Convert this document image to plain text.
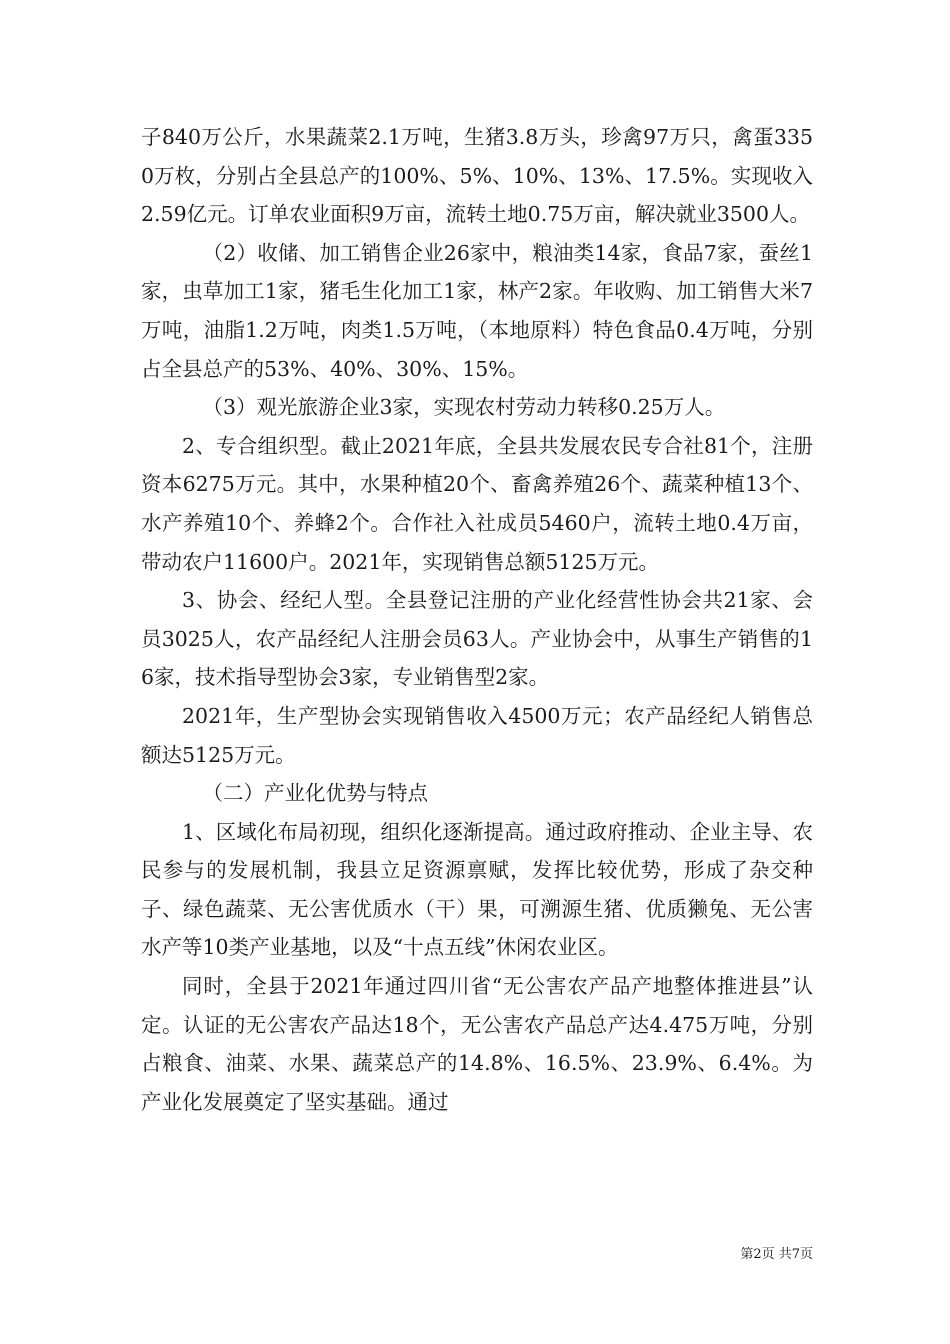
子840万公斤，水果蔬菜2.1万吨，生猪3.8万头，珍禽97万只，禽蛋3350万枚，分别占全县总产的100%、5%、10%、13%、17.5%。实现收入2.59亿元。订单农业面积9万亩，流转土地0.75万亩，解决就业3500人。

（2）收储、加工销售企业26家中，粮油类14家，食品7家，蚕丝1家，虫草加工1家，猪毛生化加工1家，林产2家。年收购、加工销售大米7万吨，油脂1.2万吨，肉类1.5万吨，（本地原料）特色食品0.4万吨，分别占全县总产的53%、40%、30%、15%。

（3）观光旅游企业3家，实现农村劳动力转移0.25万人。

2、专合组织型。截止2021年底，全县共发展农民专合社81个，注册资本6275万元。其中，水果种植20个、畜禽养殖26个、蔬菜种植13个、水产养殖10个、养蜂2个。合作社入社成员5460户，流转土地0.4万亩，带动农户11600户。2021年，实现销售总额5125万元。

3、协会、经纪人型。全县登记注册的产业化经营性协会共21家、会员3025人，农产品经纪人注册会员63人。产业协会中，从事生产销售的16家，技术指导型协会3家，专业销售型2家。

2021年，生产型协会实现销售收入4500万元；农产品经纪人销售总额达5125万元。

（二）产业化优势与特点

1、区域化布局初现，组织化逐渐提高。通过政府推动、企业主导、农民参与的发展机制，我县立足资源禀赋，发挥比较优势，形成了杂交种子、绿色蔬菜、无公害优质水（干）果，可溯源生猪、优质獭兔、无公害水产等10类产业基地，以及“十点五线”休闲农业区。

同时，全县于2021年通过四川省“无公害农产品产地整体推进县”认定。认证的无公害农产品达18个，无公害农产品总产达4.475万吨，分别占粮食、油菜、水果、蔬菜总产的14.8%、16.5%、23.9%、6.4%。为产业化发展奠定了坚实基础。通过

第2页 共7页
